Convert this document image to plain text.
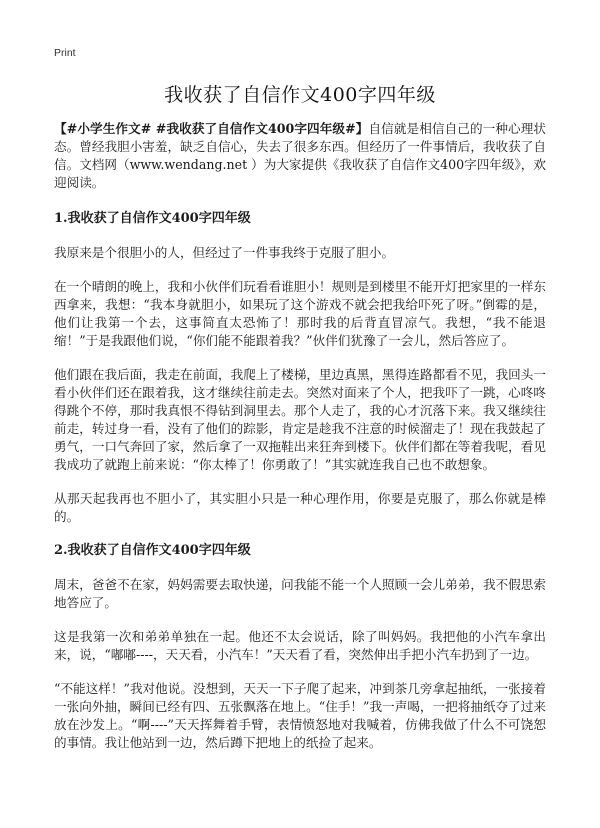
Print
我收获了自信作文400字四年级

【#小学生作文# #我收获了自信作文400字四年级#】自信就是相信自己的一种心理状态。曾经我胆小害羞，缺乏自信心，失去了很多东西。但经历了一件事情后，我收获了自信。文档网（www.wendang.net ）为大家提供《我收获了自信作文400字四年级》，欢迎阅读。

1.我收获了自信作文400字四年级

我原来是个很胆小的人，但经过了一件事我终于克服了胆小。

在一个晴朗的晚上，我和小伙伴们玩看看谁胆小！规则是到楼里不能开灯把家里的一样东西拿来，我想：“我本身就胆小，如果玩了这个游戏不就会把我给吓死了呀。”倒霉的是，他们让我第一个去，这事简直太恐怖了！那时我的后背直冒凉气。我想，“我不能退缩！”于是我跟他们说，“你们能不能跟着我？”伙伴们犹豫了一会儿，然后答应了。

他们跟在我后面，我走在前面，我爬上了楼梯，里边真黑，黑得连路都看不见，我回头一看小伙伴们还在跟着我，这才继续往前走去。突然对面来了个人，把我吓了一跳，心咚咚得跳个不停，那时我真恨不得钻到洞里去。那个人走了，我的心才沉落下来。我又继续往前走，转过身一看，没有了他们的踪影，肯定是趁我不注意的时候溜走了！现在我鼓起了勇气，一口气奔回了家，然后拿了一双拖鞋出来狂奔到楼下。伙伴们都在等着我呢，看见我成功了就跑上前来说：“你太棒了！你勇敢了！”其实就连我自己也不敢想象。

从那天起我再也不胆小了，其实胆小只是一种心理作用，你要是克服了，那么你就是棒的。

2.我收获了自信作文400字四年级

周末，爸爸不在家，妈妈需要去取快递，问我能不能一个人照顾一会儿弟弟，我不假思索地答应了。

这是我第一次和弟弟单独在一起。他还不太会说话，除了叫妈妈。我把他的小汽车拿出来，说，“嘟嘟----，天天看，小汽车！”天天看了看，突然伸出手把小汽车扔到了一边。

“不能这样！”我对他说。没想到，天天一下子爬了起来，冲到茶几旁拿起抽纸，一张接着一张向外抽，瞬间已经有四、五张飘落在地上。“住手！”我一声喝，一把将抽纸夺了过来放在沙发上。“啊----”天天挥舞着手臂，表情愤怒地对我喊着，仿佛我做了什么不可饶恕的事情。我让他站到一边，然后蹲下把地上的纸捡了起来。
